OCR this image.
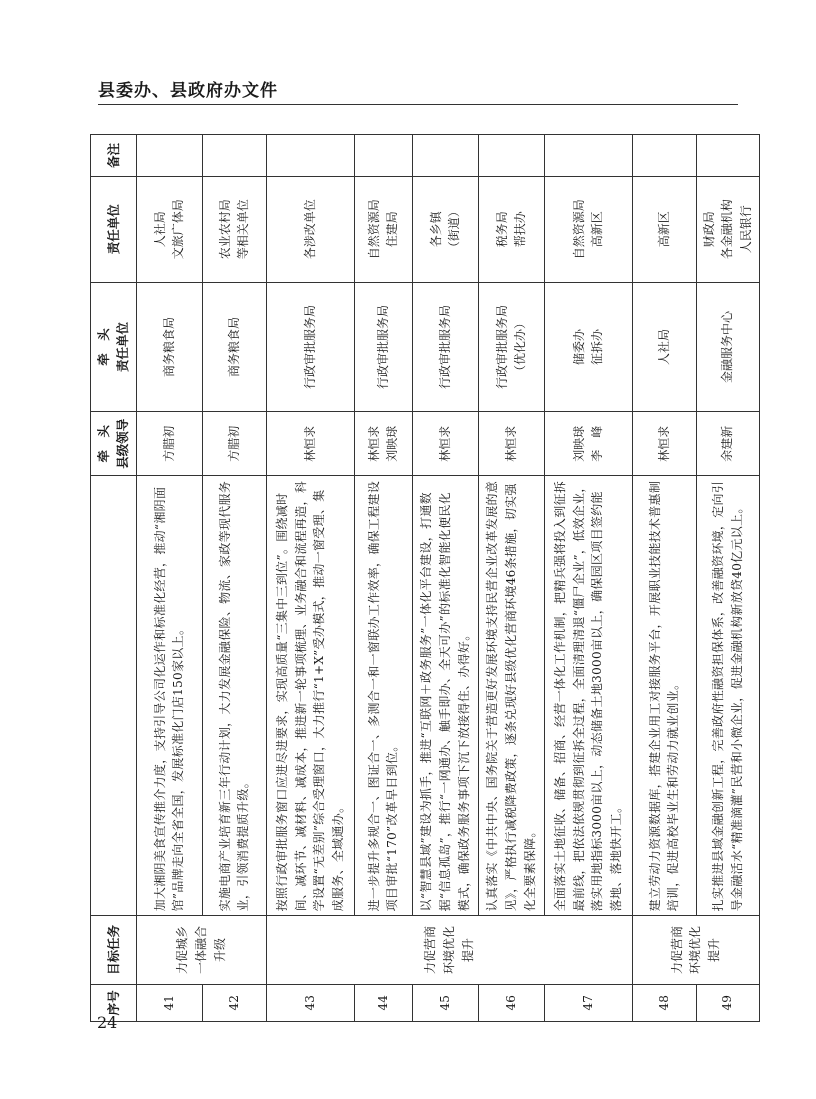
县委办、县政府办文件
序号	目标任务		牵　头 县级领导	牵　头 责任单位	责任单位	备注
41	力促城乡一体融合升级	加大湘阴美食宣传推介力度，支持引导公司化运作和标准化经营，推动“湘阴面馆”品牌走向全省全国，发展标准化门店150家以上。	方腊初	商务粮食局	人社局 文旅广体局	

42		实施电商产业培育新三年行动计划，大力发展金融保险、物流、家政等现代服务业，引领消费提质升级。	方腊初	商务粮食局	农业农村局 等相关单位	

43	力促营商环境优化提升	按照行政审批服务窗口应进尽进要求，实现高质量“三集中三到位”。围绕减时间、减环节、减材料、减成本，推进新一轮事项梳理、业务融合和流程再造，科学设置“无差别”综合受理窗口，大力推行“1+X”受办模式，推动一窗受理、集成服务、全域通办。	林恒求	行政审批服务局	各涉改单位	

44		进一步提升多规合一、图证合一、多测合一和一窗联办工作效率，确保工程建设项目审批“170”改革早日到位。	林恒求 刘映球	行政审批服务局	自然资源局 住建局	

45		以“智慧县域”建设为抓手，推进“互联网＋政务服务”一体化平台建设，打通数据“信息孤岛”，推行“一网通办、触手即办、全天可办”的标准化智能化便民化模式，确保政务服务事项下沉下放接得住、办得好。	林恒求	行政审批服务局	各乡镇 （街道）	

46		认真落实《中共中央、国务院关于营造更好发展环境支持民营企业改革发展的意见》，严格执行减税降费政策，逐条兑现好县级优化营商环境46条措施，切实强化全要素保障。	林恒求	行政审批服务局 （优化办）	税务局 帮扶办	

47		全面落实土地征收、储备、招商、经营一体化工作机制，把精兵强将投入到征拆最前线，把依法依规贯彻到征拆全过程，全面清理清退“僵尸企业”，低效企业，落实用地指标3000亩以上，动态储备土地3000亩以上，确保园区项目签约能落地、落地快开工。	刘映球 李　峰	储委办 征拆办	自然资源局 高新区	

48	力促营商环境优化提升	建立劳动力资源数据库，搭建企业用工对接服务平台，开展职业技能技术普惠制培训，促进高校毕业生和劳动力就业创业。	林恒求	人社局	高新区	

49		扎实推进县域金融创新工程，完善政府性融资担保体系，改善融资环境，定向引导金融活水“精准滴灌”民营和小微企业，促进金融机构新放贷40亿元以上。	余建新	金融服务中心	财政局 各金融机构 人民银行	

24
